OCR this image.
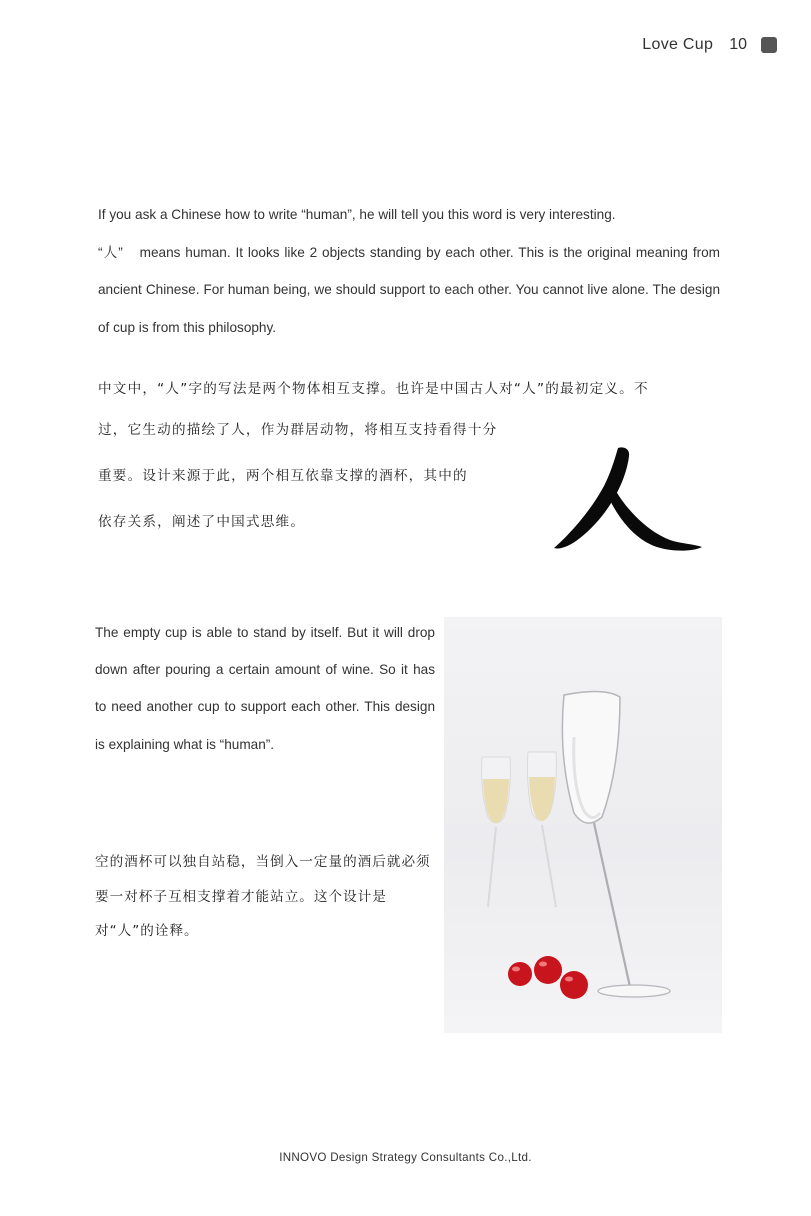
Love Cup 10

If you ask a Chinese how to write “human”, he will tell you this word is very interesting.

“人” means human. It looks like 2 objects standing by each other. This is the original meaning from ancient Chinese. For human being, we should support to each other. You cannot live alone. The design of cup is from this philosophy.

中文中，“人”字的写法是两个物体相互支撑。也许是中国古人对“人”的最初定义。不

过，它生动的描绘了人，作为群居动物，将相互支持看得十分

重要。设计来源于此，两个相互依靠支撑的酒杯，其中的

依存关系，阐述了中国式思维。

The empty cup is able to stand by itself. But it will drop down after pouring a certain amount of wine. So it has to need another cup to support each other. This design is explaining what is “human”.

空的酒杯可以独自站稳，当倒入一定量的酒后就必须要一对杯子互相支撑着才能站立。这个设计是对“人”的诠释。

INNOVO Design Strategy Consultants Co.,Ltd.
